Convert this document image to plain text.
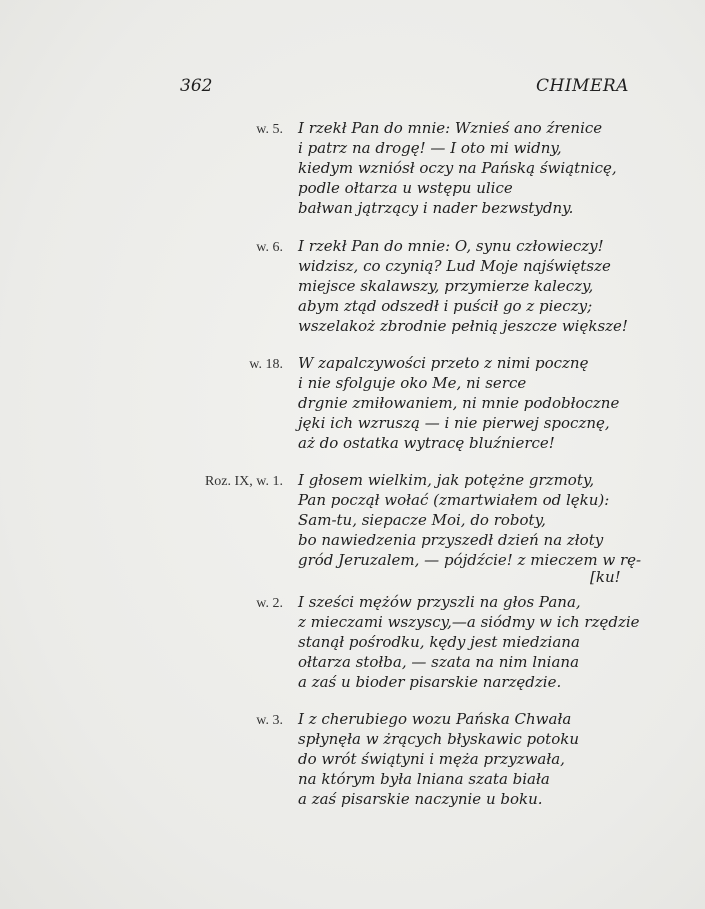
362	CHIMERA
w. 5. I rzekł Pan do mnie: Wznieś ano źrenice
i patrz na drogę! — I oto mi widny,
kiedym wzniósł oczy na Pańską świątnicę,
podle ołtarza u wstępu ulice
bałwan jątrzący i nader bezwstydny.
w. 6. I rzekł Pan do mnie: O, synu człowieczy!
widzisz, co czynią? Lud Moje najświętsze
miejsce skalawszy, przymierze kaleczy,
abym ztąd odszedł i puścił go z pieczy;
wszelakoż zbrodnie pełnią jeszcze większe!
w. 18. W zapalczywości przeto z nimi pocznę
i nie sfolguje oko Me, ni serce
drgnie zmiłowaniem, ni mnie podobłoczne
jęki ich wzruszą — i nie pierwej spocznę,
aż do ostatka wytracę bluźnierce!
Roz. IX, w. 1. I głosem wielkim, jak potężne grzmoty,
Pan począł wołać (zmartwiałem od lęku):
Sam-tu, siepacze Moi, do roboty,
bo nawiedzenia przyszedł dzień na złoty
gród Jeruzalem, — pójdźcie! z mieczem w rę-
[ku!
w. 2. I sześci mężów przyszli na głos Pana,
z mieczami wszyscy,—a siódmy w ich rzędzie
stanął pośrodku, kędy jest miedziana
ołtarza stołba, — szata na nim lniana
a zaś u bioder pisarskie narzędzie.
w. 3. I z cherubiego wozu Pańska Chwała
spłynęła w żrących błyskawic potoku
do wrót świątyni i męża przyzwała,
na którym była lniana szata biała
a zaś pisarskie naczynie u boku.
